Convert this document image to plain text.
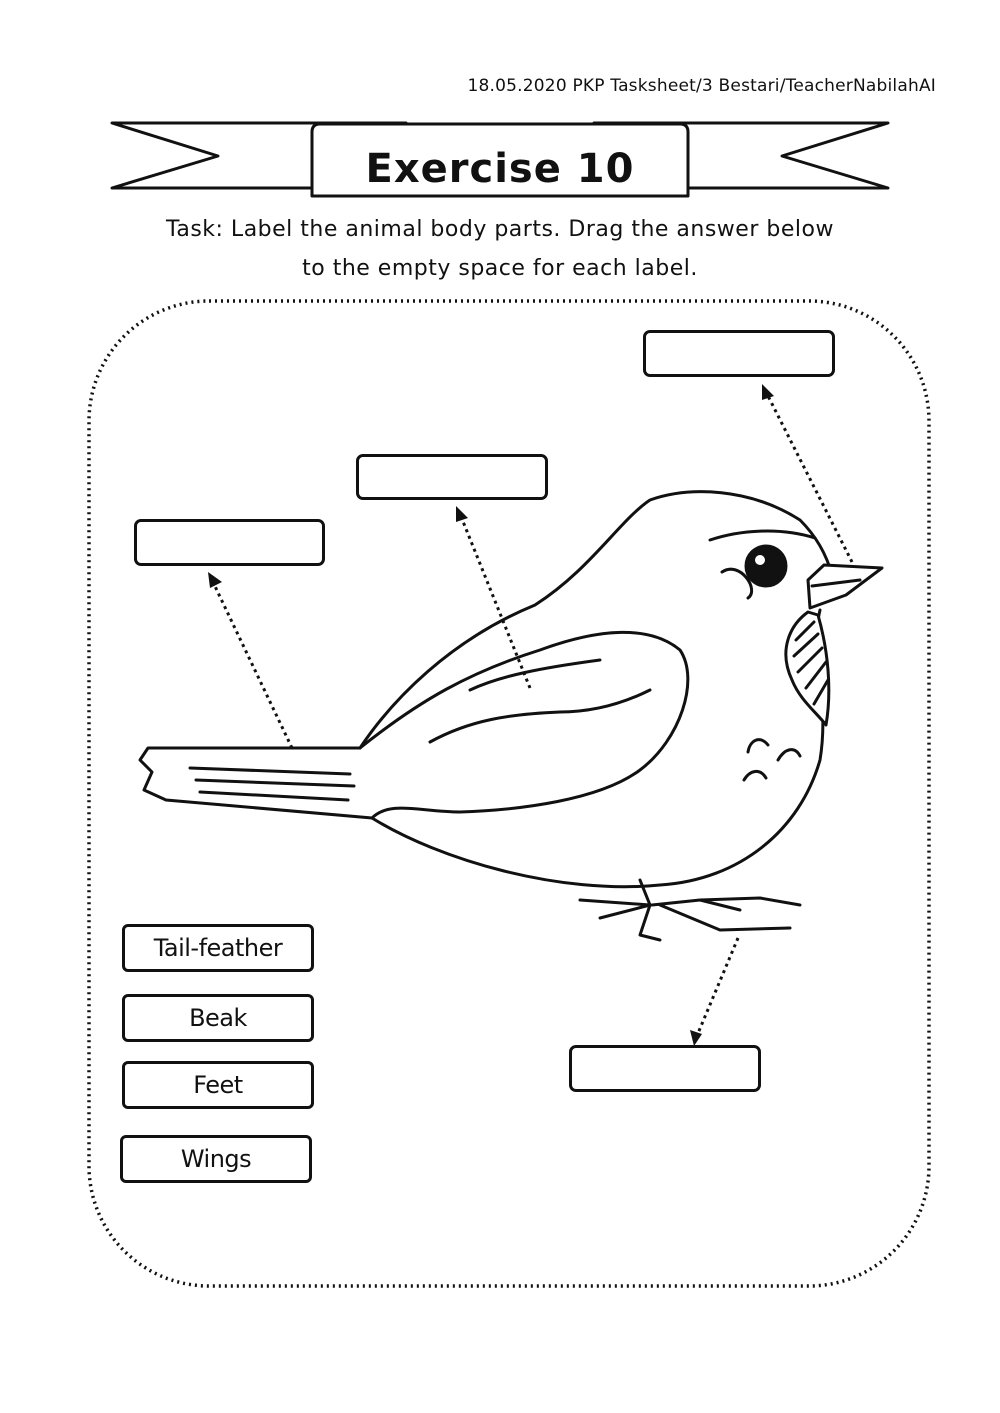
18.05.2020 PKP Tasksheet/3 Bestari/TeacherNabilahAI
Exercise 10
Task: Label the animal body parts. Drag the answer below
to the empty space for each label.
Tail-feather
Beak
Feet
Wings
